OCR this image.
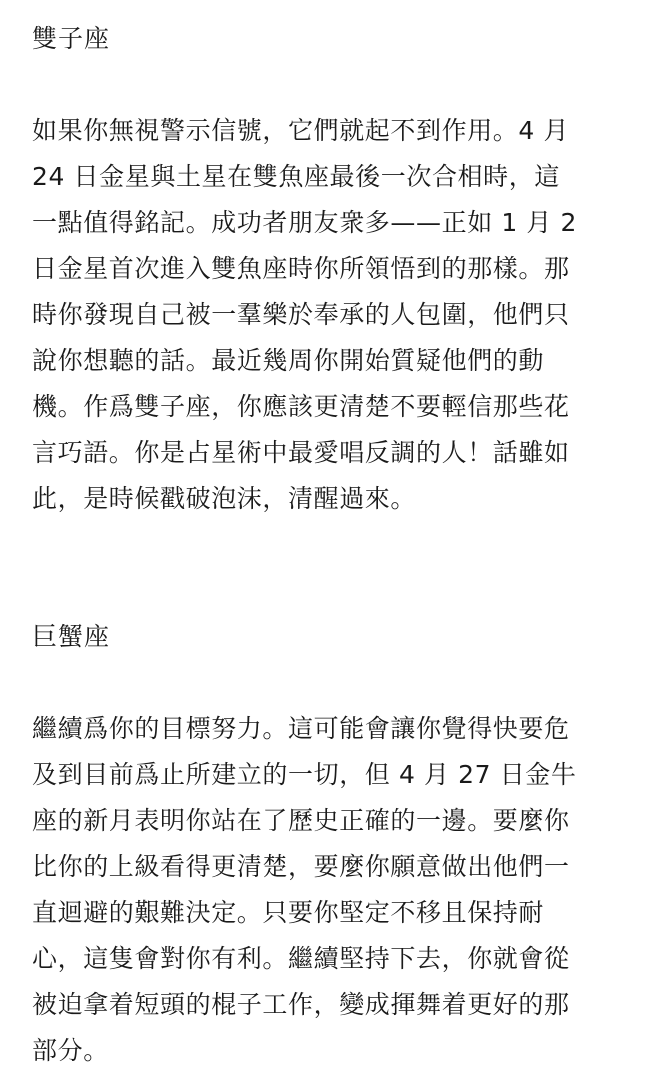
雙子座

如果你無視警示信號，它們就起不到作用。4 月
24 日金星與土星在雙魚座最後一次合相時，這
一點值得銘記。成功者朋友衆多——正如 1 月 2
日金星首次進入雙魚座時你所領悟到的那樣。那
時你發現自己被一羣樂於奉承的人包圍，他們只
說你想聽的話。最近幾周你開始質疑他們的動
機。作爲雙子座，你應該更清楚不要輕信那些花
言巧語。你是占星術中最愛唱反調的人！話雖如
此，是時候戳破泡沫，清醒過來。

巨蟹座

繼續爲你的目標努力。這可能會讓你覺得快要危
及到目前爲止所建立的一切，但 4 月 27 日金牛
座的新月表明你站在了歷史正確的一邊。要麼你
比你的上級看得更清楚，要麼你願意做出他們一
直迴避的艱難決定。只要你堅定不移且保持耐
心，這隻會對你有利。繼續堅持下去，你就會從
被迫拿着短頭的棍子工作，變成揮舞着更好的那
部分。
